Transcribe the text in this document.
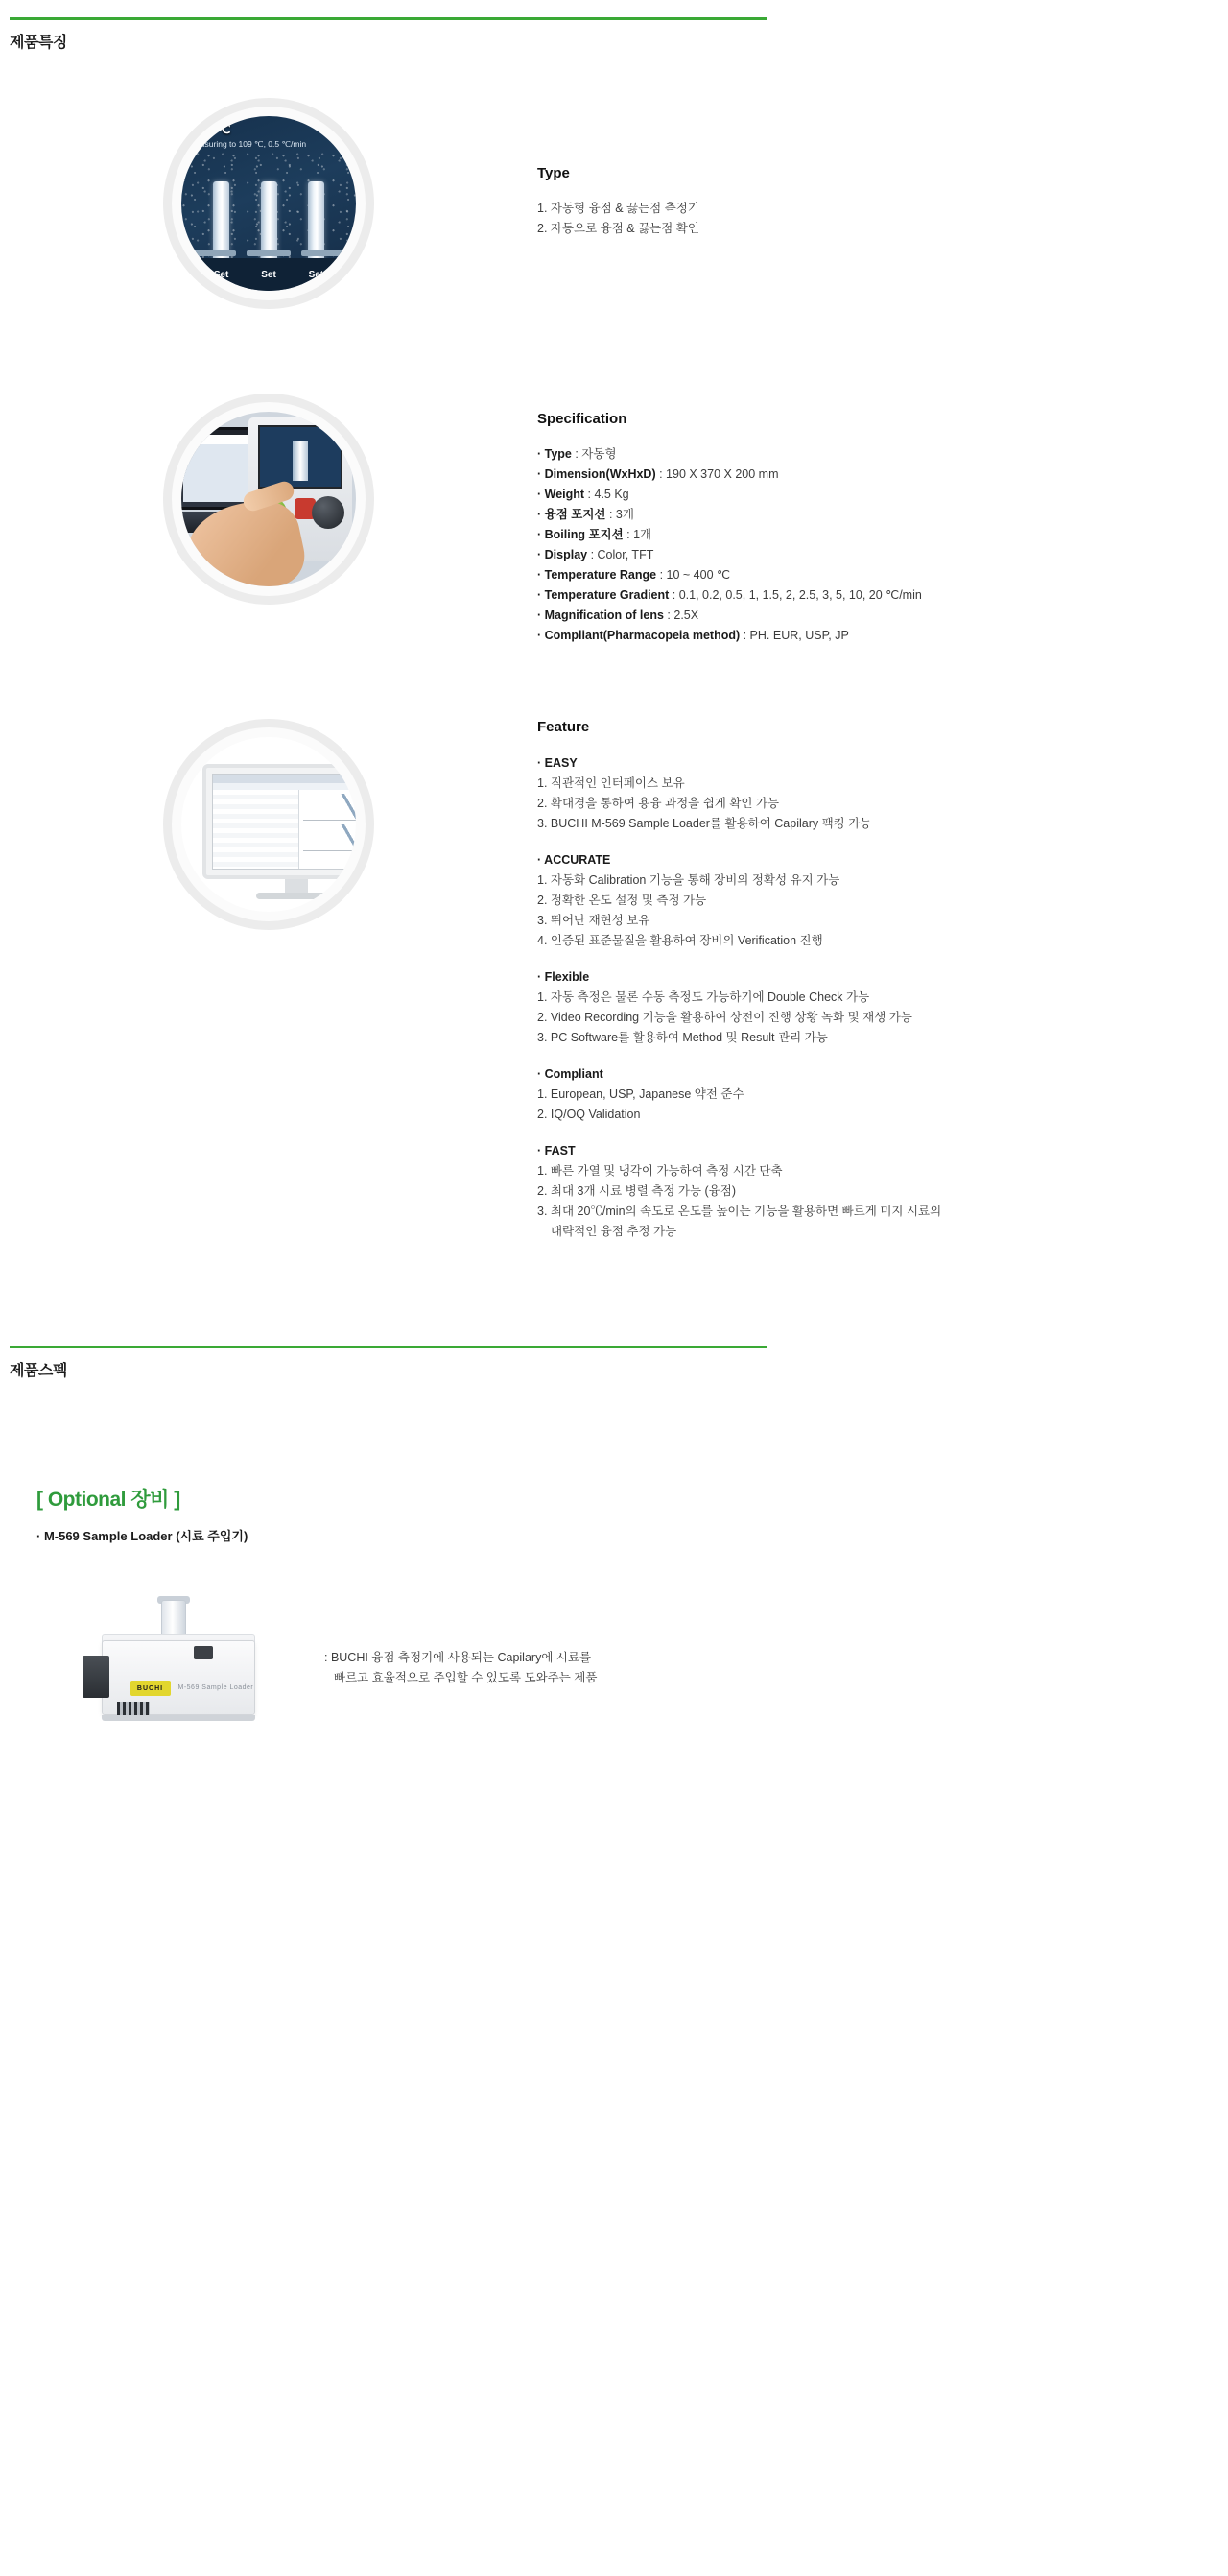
제품특징
56.2 ℃
Measuring to 109 ℃, 0.5 ℃/min
Set	Set	Set
Type
1. 자동형 융점 & 끓는점 측정기
2. 자동으로 융점 & 끓는점 확인
Specification
· Type : 자동형
· Dimension(WxHxD) : 190 X 370 X 200 mm
· Weight : 4.5 Kg
· 융점 포지션 : 3개
· Boiling 포지션 : 1개
· Display : Color, TFT
· Temperature Range : 10 ~ 400 ℃
· Temperature Gradient : 0.1, 0.2, 0.5, 1, 1.5, 2, 2.5, 3, 5, 10, 20 ℃/min
· Magnification of lens : 2.5X
· Compliant(Pharmacopeia method) : PH. EUR, USP, JP
Feature
· EASY
1. 직관적인 인터페이스 보유
2. 확대경을 통하여 용융 과정을 쉽게 확인 가능
3. BUCHI M-569 Sample Loader를 활용하여 Capilary 팩킹 가능
· ACCURATE
1. 자동화 Calibration 기능을 통해 장비의 정확성 유지 가능
2. 정확한 온도 설정 및 측정 가능
3. 뛰어난 재현성 보유
4. 인증된 표준물질을 활용하여 장비의 Verification 진행
· Flexible
1. 자동 측정은 물론 수동 측정도 가능하기에 Double Check 가능
2. Video Recording 기능을 활용하여 상전이 진행 상황 녹화 및 재생 가능
3. PC Software를 활용하여 Method 및 Result 관리 가능
· Compliant
1. European, USP, Japanese 약전 준수
2. IQ/OQ Validation
· FAST
1. 빠른 가열 및 냉각이 가능하여 측정 시간 단축
2. 최대 3개 시료 병렬 측정 가능 (융점)
3. 최대 20℃/min의 속도로 온도를 높이는 기능을 활용하면 빠르게 미지 시료의
대략적인 융점 추정 가능
제품스펙
[ Optional 장비 ]
· M-569 Sample Loader (시료 주입기)
BUCHI	M-569 Sample Loader
: BUCHI 융점 측정기에 사용되는 Capilary에 시료를
빠르고 효율적으로 주입할 수 있도록 도와주는 제품
